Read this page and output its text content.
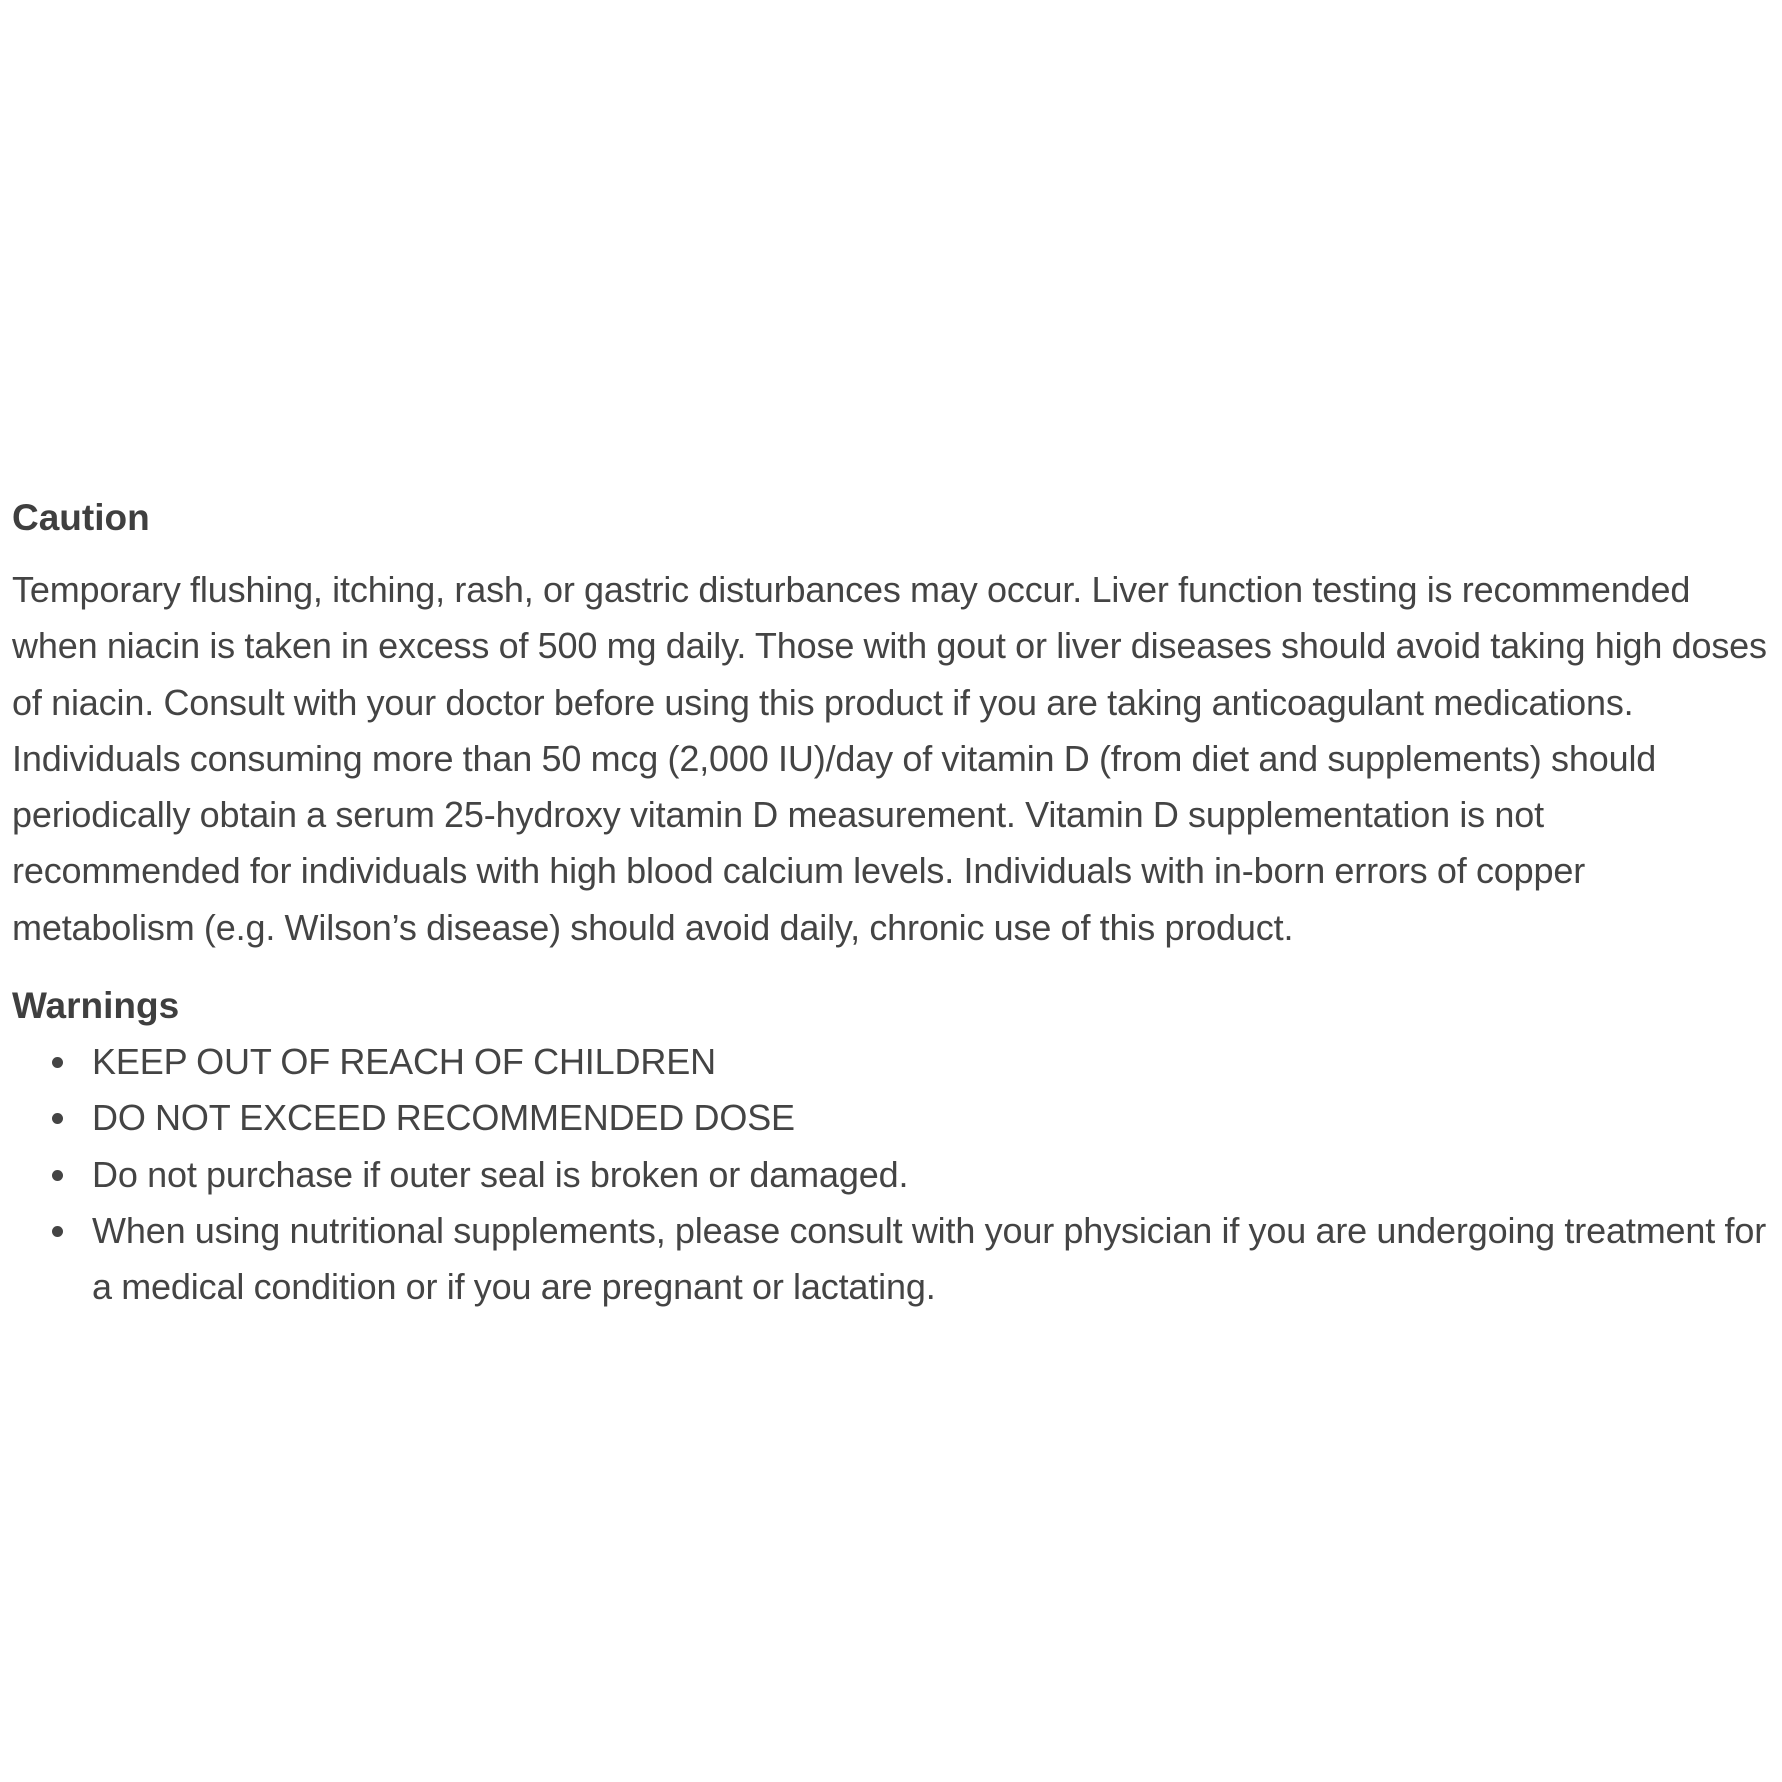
Caution

Temporary flushing, itching, rash, or gastric disturbances may occur. Liver function testing is recommended when niacin is taken in excess of 500 mg daily. Those with gout or liver diseases should avoid taking high doses of niacin. Consult with your doctor before using this product if you are taking anticoagulant medications. Individuals consuming more than 50 mcg (2,000 IU)/day of vitamin D (from diet and supplements) should periodically obtain a serum 25-hydroxy vitamin D measurement. Vitamin D supplementation is not recommended for individuals with high blood calcium levels. Individuals with in-born errors of copper metabolism (e.g. Wilson’s disease) should avoid daily, chronic use of this product.

Warnings
KEEP OUT OF REACH OF CHILDREN
DO NOT EXCEED RECOMMENDED DOSE
Do not purchase if outer seal is broken or damaged.
When using nutritional supplements, please consult with your physician if you are undergoing treatment for a medical condition or if you are pregnant or lactating.
